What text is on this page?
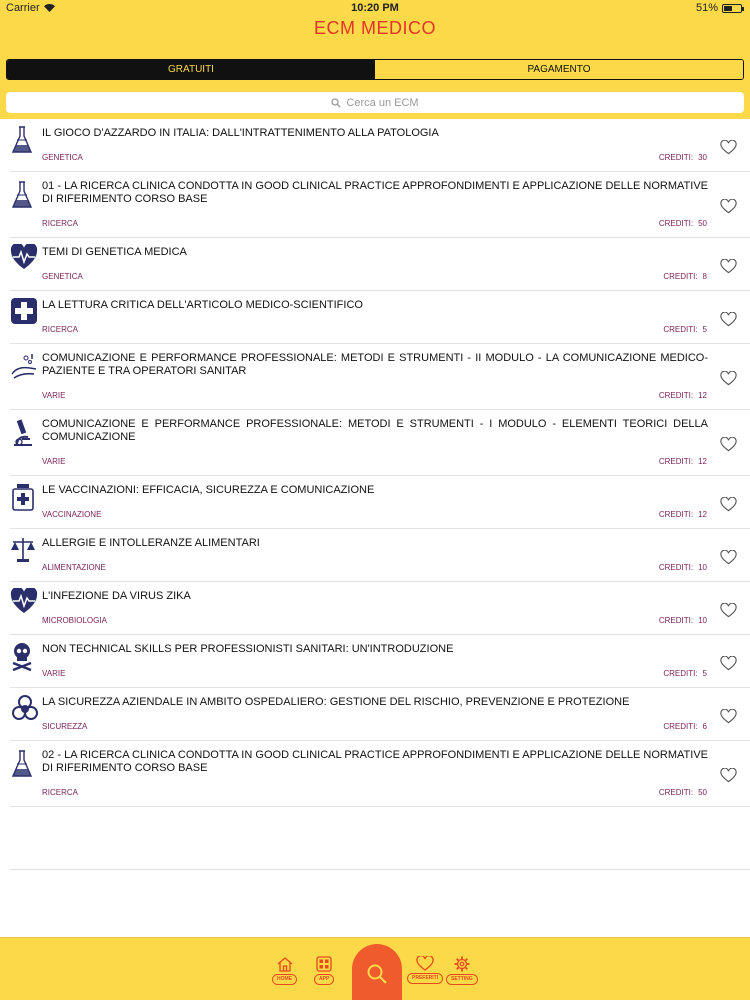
Carrier	10:20 PM	51%
ECM MEDICO
GRATUITI	PAGAMENTO
Cerca un ECM
IL GIOCO D'AZZARDO IN ITALIA: DALL'INTRATTENIMENTO ALLA PATOLOGIA
GENETICA	CREDITI: 30
01 - LA RICERCA CLINICA CONDOTTA IN GOOD CLINICAL PRACTICE APPROFONDIMENTI E APPLICAZIONE DELLE NORMATIVE DI RIFERIMENTO CORSO BASE
RICERCA	CREDITI: 50
TEMI DI GENETICA MEDICA
GENETICA	CREDITI: 8
LA LETTURA CRITICA DELL'ARTICOLO MEDICO-SCIENTIFICO
RICERCA	CREDITI: 5
COMUNICAZIONE E PERFORMANCE PROFESSIONALE: METODI E STRUMENTI - II MODULO - LA COMUNICAZIONE MEDICO-PAZIENTE E TRA OPERATORI SANITAR
VARIE	CREDITI: 12
COMUNICAZIONE E PERFORMANCE PROFESSIONALE: METODI E STRUMENTI - I MODULO - ELEMENTI TEORICI DELLA COMUNICAZIONE
VARIE	CREDITI: 12
LE VACCINAZIONI: EFFICACIA, SICUREZZA E COMUNICAZIONE
VACCINAZIONE	CREDITI: 12
ALLERGIE E INTOLLERANZE ALIMENTARI
ALIMENTAZIONE	CREDITI: 10
L'INFEZIONE DA VIRUS ZIKA
MICROBIOLOGIA	CREDITI: 10
NON TECHNICAL SKILLS PER PROFESSIONISTI SANITARI: UN'INTRODUZIONE
VARIE	CREDITI: 5
LA SICUREZZA AZIENDALE IN AMBITO OSPEDALIERO: GESTIONE DEL RISCHIO, PREVENZIONE E PROTEZIONE
SICUREZZA	CREDITI: 6
02 - LA RICERCA CLINICA CONDOTTA IN GOOD CLINICAL PRACTICE APPROFONDIMENTI E APPLICAZIONE DELLE NORMATIVE DI RIFERIMENTO CORSO BASE
RICERCA	CREDITI: 50
HOME	APP	PREFERITI	SETTING
